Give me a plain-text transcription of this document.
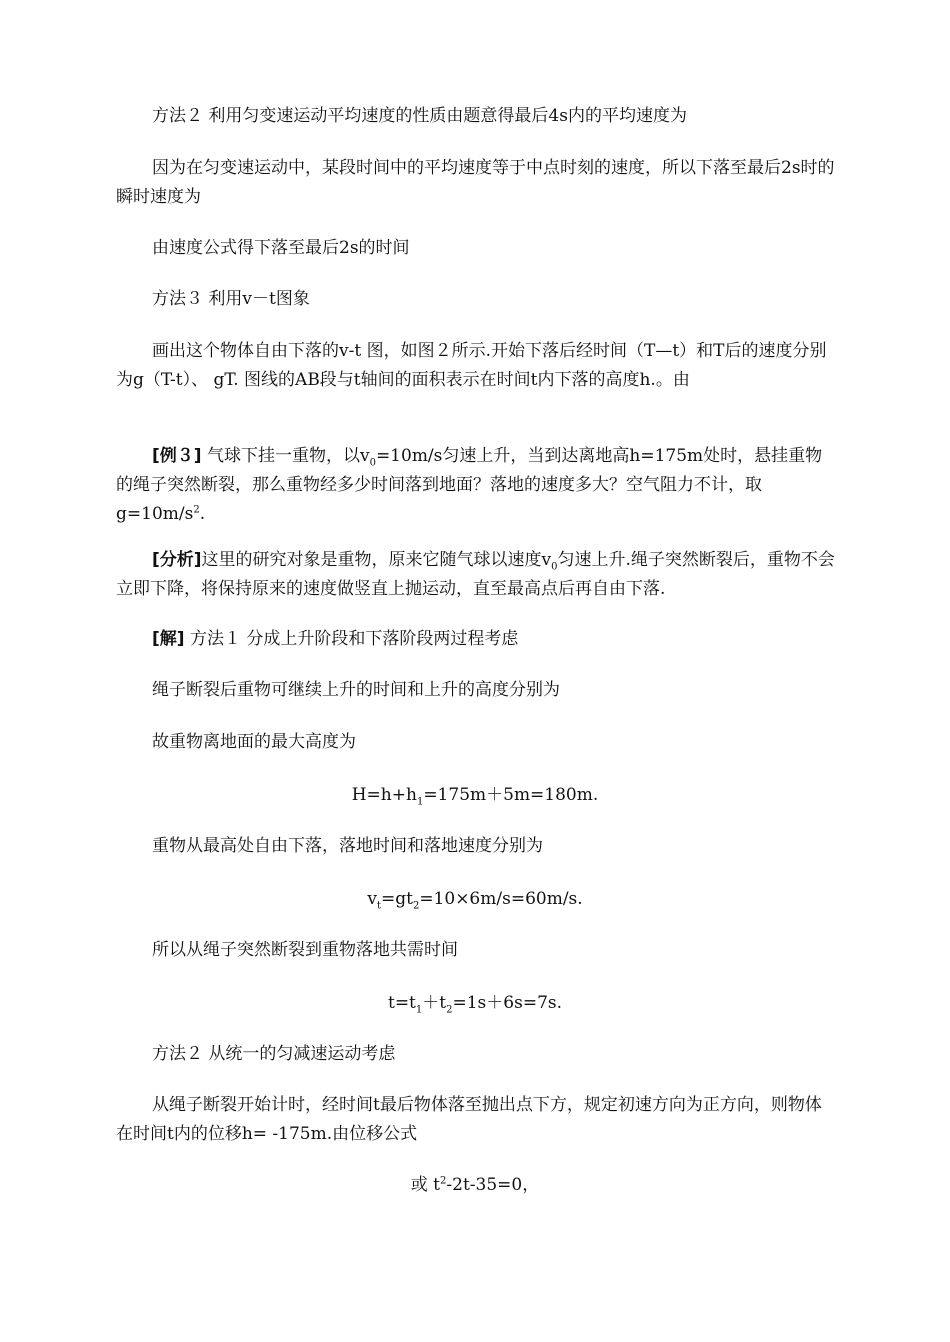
方法２ 利用匀变速运动平均速度的性质由题意得最后4s内的平均速度为

因为在匀变速运动中，某段时间中的平均速度等于中点时刻的速度，所以下落至最后2s时的瞬时速度为

由速度公式得下落至最后2s的时间

方法３ 利用v－t图象

画出这个物体自由下落的v-t 图，如图２所示.开始下落后经时间（T—t）和T后的速度分别为g（T-t）、 gT. 图线的AB段与t轴间的面积表示在时间t内下落的高度h.。由

[例３] 气球下挂一重物，以$v_0=10m/s$匀速上升，当到达离地高h=175m处时，悬挂重物的绳子突然断裂，那么重物经多少时间落到地面？落地的速度多大？空气阻力不计，取$g=10m/s^2$.

[分析]这里的研究对象是重物，原来它随气球以速度$v_0$匀速上升.绳子突然断裂后，重物不会立即下降，将保持原来的速度做竖直上抛运动，直至最高点后再自由下落.

[解] 方法１ 分成上升阶段和下落阶段两过程考虑

绳子断裂后重物可继续上升的时间和上升的高度分别为

故重物离地面的最大高度为

$H=h+h_1=175m+5m=180m$.

重物从最高处自由下落，落地时间和落地速度分别为

$v_t=gt_2=10\times 6m/s=60m/s$.

所以从绳子突然断裂到重物落地共需时间

$t=t_1+t_2=1s+6s=7s$.

方法２ 从统一的匀减速运动考虑

从绳子断裂开始计时，经时间t最后物体落至抛出点下方，规定初速方向为正方向，则物体在时间t内的位移h= -175m.由位移公式

或 $t^2-2t-35=0$，
